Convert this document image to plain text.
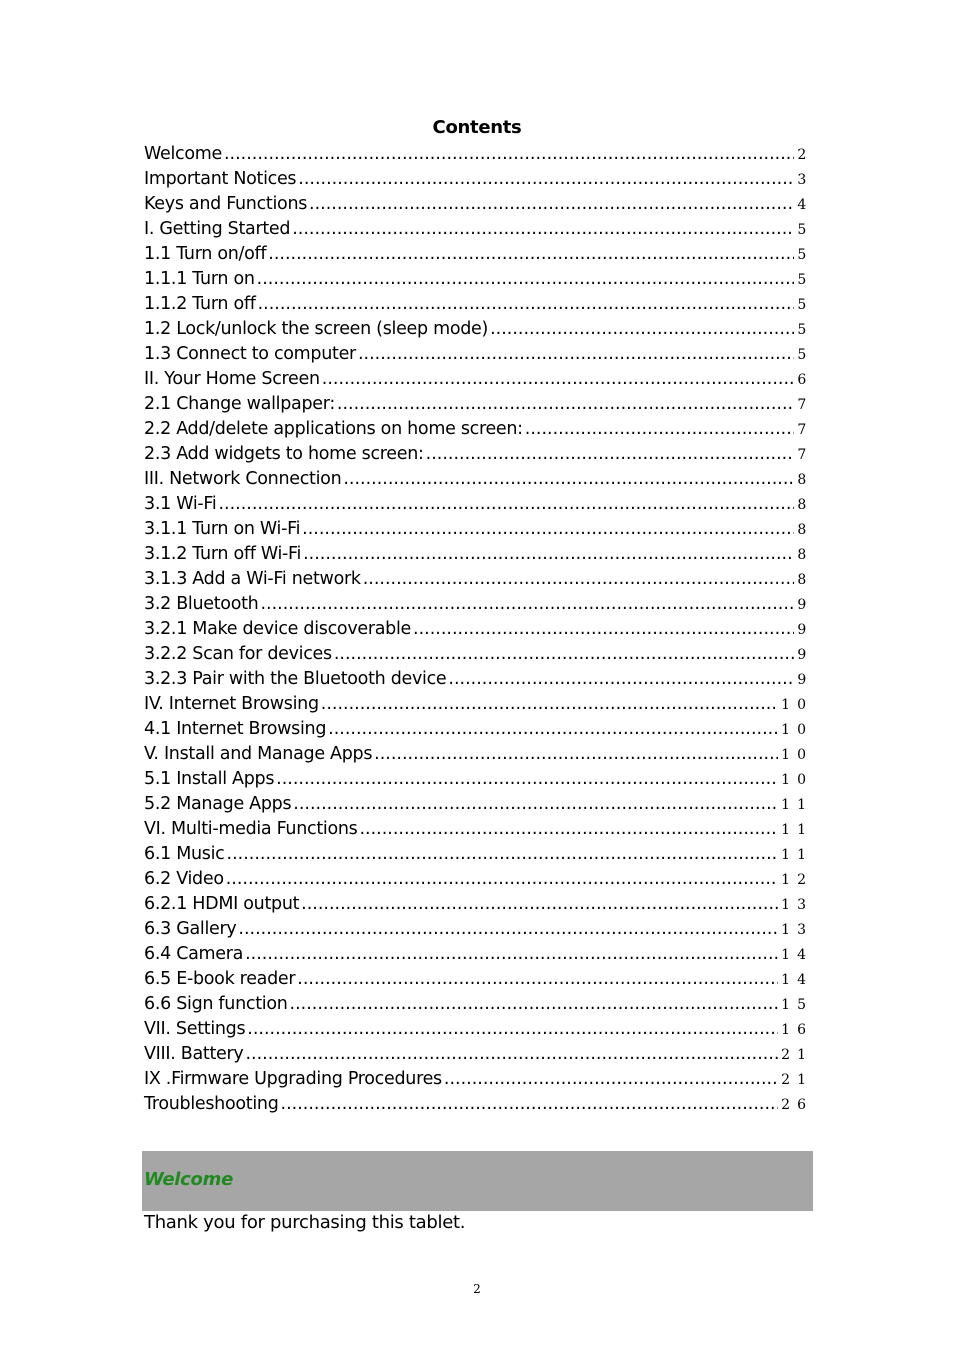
Contents
Welcome .....	2
Important Notices .....	3
Keys and Functions .....	4
I. Getting Started .....	5
1.1 Turn on/off .....	5
1.1.1 Turn on .....	5
1.1.2 Turn off .....	5
1.2 Lock/unlock the screen (sleep mode) .....	5
1.3 Connect to computer .....	5
II. Your Home Screen .....	6
2.1 Change wallpaper: .....	7
2.2 Add/delete applications on home screen: .....	7
2.3 Add widgets to home screen: .....	7
III. Network Connection .....	8
3.1 Wi-Fi .....	8
3.1.1 Turn on Wi-Fi .....	8
3.1.2 Turn off Wi-Fi .....	8
3.1.3 Add a Wi-Fi network .....	8
3.2 Bluetooth .....	9
3.2.1 Make device discoverable .....	9
3.2.2 Scan for devices .....	9
3.2.3 Pair with the Bluetooth device .....	9
IV. Internet Browsing .....	10
4.1 Internet Browsing .....	10
V. Install and Manage Apps .....	10
5.1 Install Apps .....	10
5.2 Manage Apps .....	11
VI. Multi-media Functions .....	11
6.1 Music .....	11
6.2 Video .....	12
6.2.1 HDMI output .....	13
6.3 Gallery .....	13
6.4 Camera .....	14
6.5 E-book reader .....	14
6.6 Sign function .....	15
VII. Settings .....	16
VIII. Battery .....	21
IX .Firmware Upgrading Procedures .....	21
Troubleshooting .....	26
Welcome
Thank you for purchasing this tablet.
2
